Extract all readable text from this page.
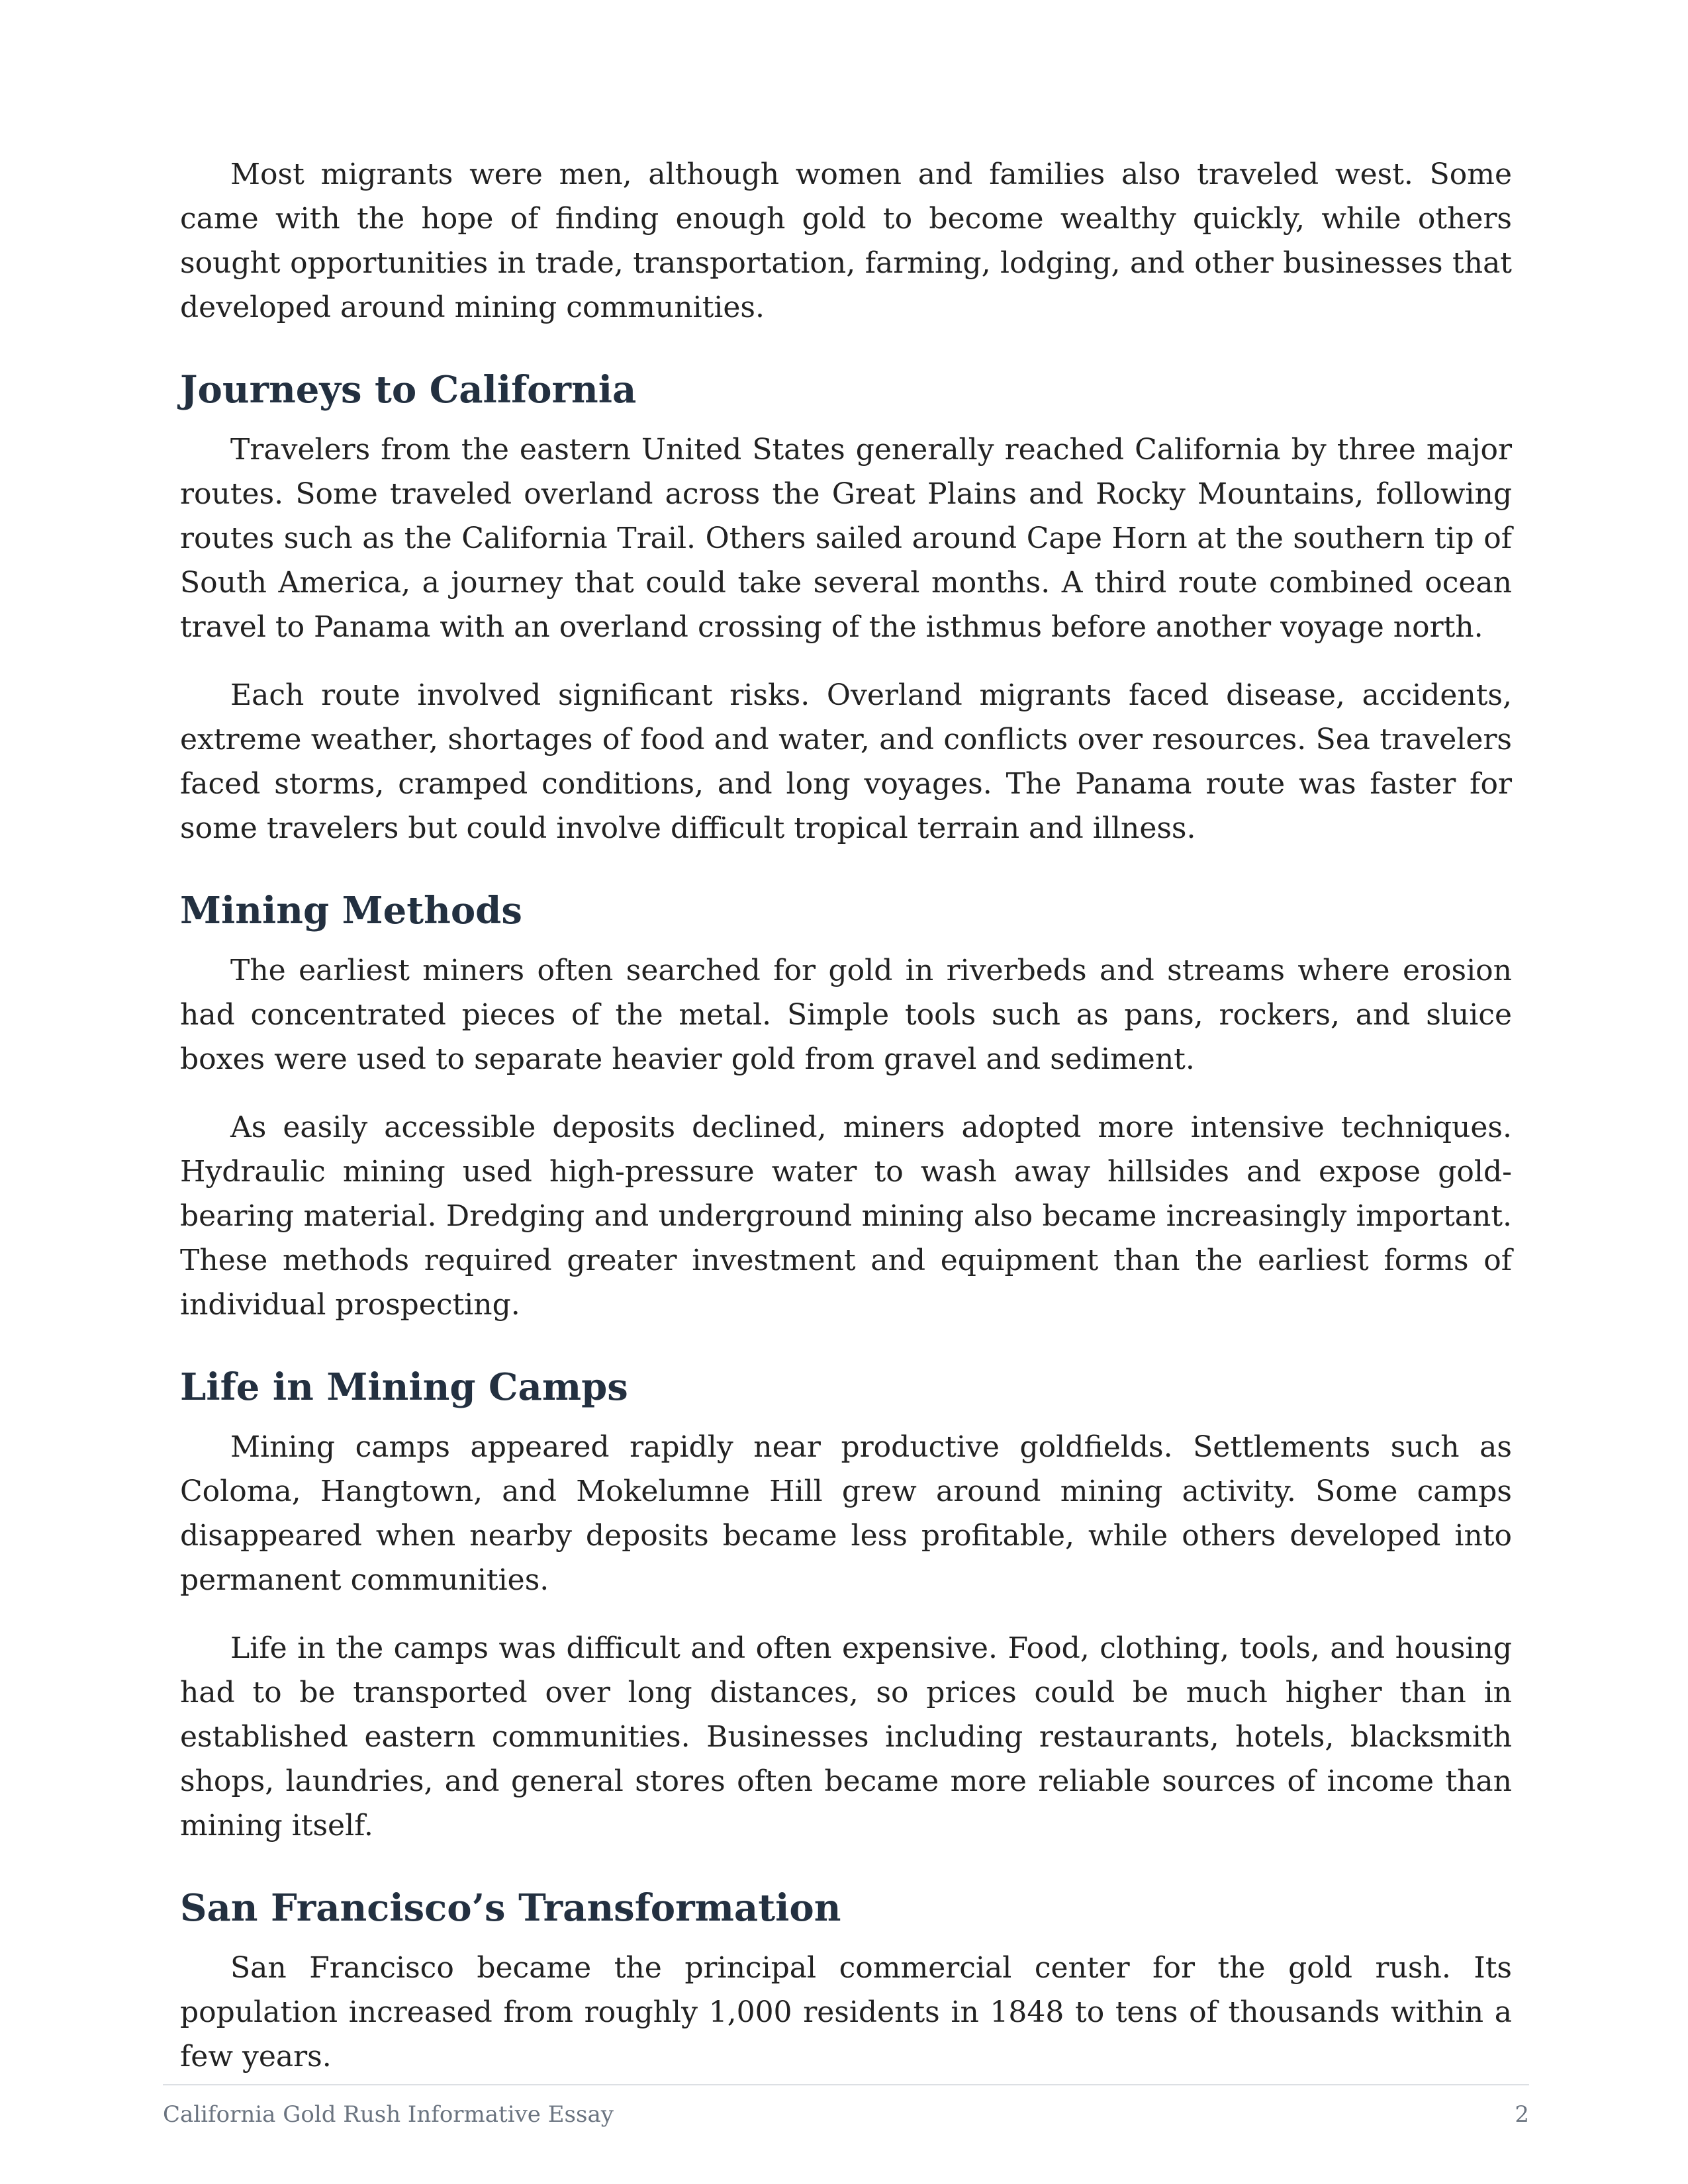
Most migrants were men, although women and families also traveled west. Some came with the hope of finding enough gold to become wealthy quickly, while others sought opportunities in trade, transportation, farming, lodging, and other businesses that developed around mining communities.

Journeys to California

Travelers from the eastern United States generally reached California by three major routes. Some traveled overland across the Great Plains and Rocky Mountains, following routes such as the California Trail. Others sailed around Cape Horn at the southern tip of South America, a journey that could take several months. A third route combined ocean travel to Panama with an overland crossing of the isthmus before another voyage north.

Each route involved significant risks. Overland migrants faced disease, accidents, extreme weather, shortages of food and water, and conflicts over resources. Sea travelers faced storms, cramped conditions, and long voyages. The Panama route was faster for some travelers but could involve difficult tropical terrain and illness.

Mining Methods

The earliest miners often searched for gold in riverbeds and streams where erosion had concentrated pieces of the metal. Simple tools such as pans, rockers, and sluice boxes were used to separate heavier gold from gravel and sediment.

As easily accessible deposits declined, miners adopted more intensive techniques. Hydraulic mining used high-pressure water to wash away hillsides and expose gold-bearing material. Dredging and underground mining also became increasingly important. These methods required greater investment and equipment than the earliest forms of individual prospecting.

Life in Mining Camps

Mining camps appeared rapidly near productive goldfields. Settlements such as Coloma, Hangtown, and Mokelumne Hill grew around mining activity. Some camps disappeared when nearby deposits became less profitable, while others developed into permanent communities.

Life in the camps was difficult and often expensive. Food, clothing, tools, and housing had to be transported over long distances, so prices could be much higher than in established eastern communities. Businesses including restaurants, hotels, blacksmith shops, laundries, and general stores often became more reliable sources of income than mining itself.

San Francisco’s Transformation

San Francisco became the principal commercial center for the gold rush. Its population increased from roughly 1,000 residents in 1848 to tens of thousands within a few years.

California Gold Rush Informative Essay	2
